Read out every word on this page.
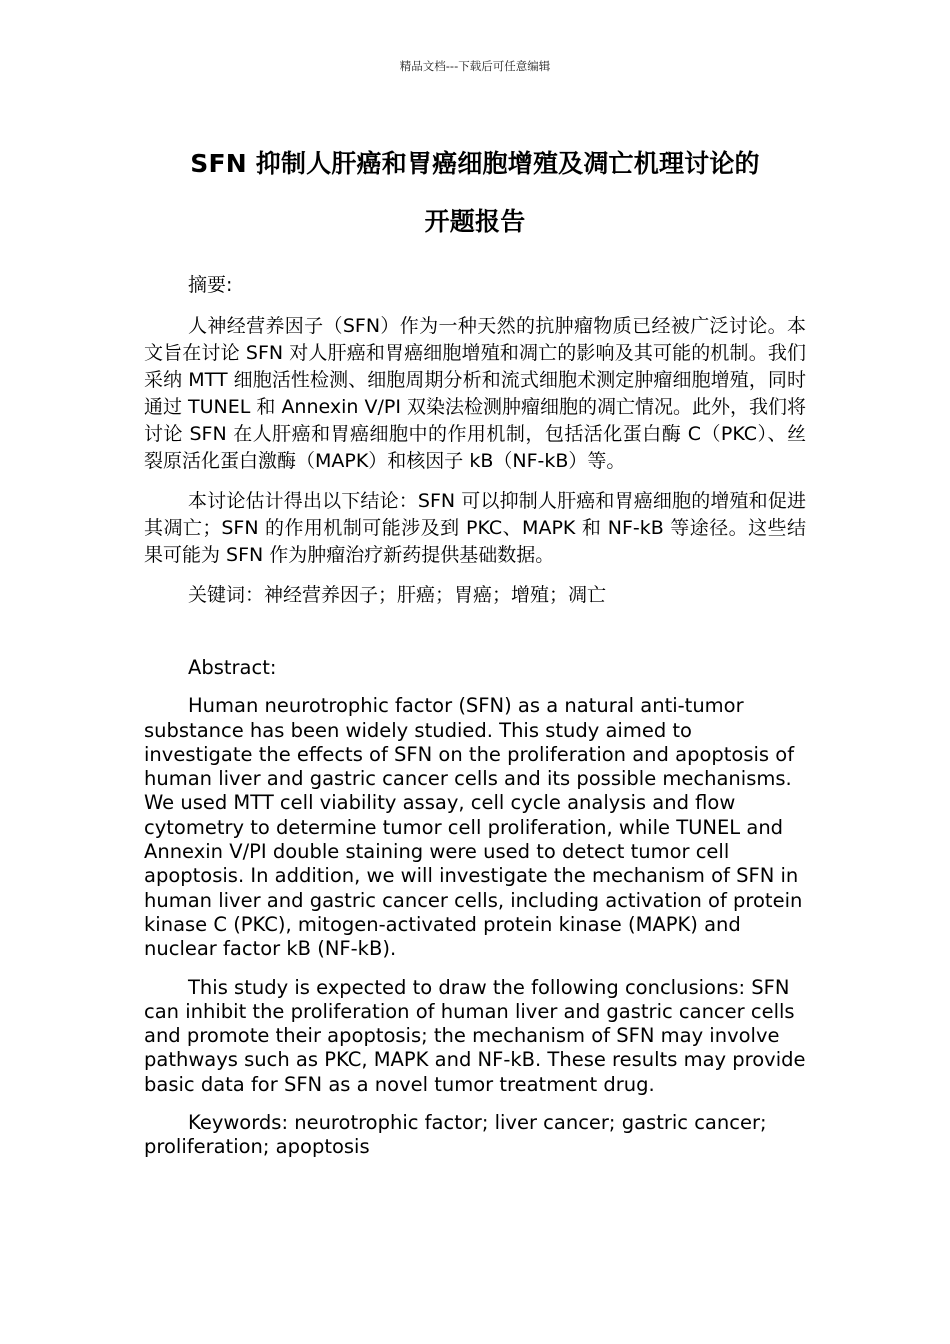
精品文档---下载后可任意编辑
SFN 抑制人肝癌和胃癌细胞增殖及凋亡机理讨论的
开题报告

摘要:

人神经营养因子（SFN）作为一种天然的抗肿瘤物质已经被广泛讨论。本文旨在讨论 SFN 对人肝癌和胃癌细胞增殖和凋亡的影响及其可能的机制。我们采纳 MTT 细胞活性检测、细胞周期分析和流式细胞术测定肿瘤细胞增殖，同时通过 TUNEL 和 Annexin V/PI 双染法检测肿瘤细胞的凋亡情况。此外，我们将讨论 SFN 在人肝癌和胃癌细胞中的作用机制，包括活化蛋白酶 C（PKC）、丝裂原活化蛋白激酶（MAPK）和核因子 kB（NF-kB）等。

本讨论估计得出以下结论：SFN 可以抑制人肝癌和胃癌细胞的增殖和促进其凋亡；SFN 的作用机制可能涉及到 PKC、MAPK 和 NF-kB 等途径。这些结果可能为 SFN 作为肿瘤治疗新药提供基础数据。

关键词：神经营养因子；肝癌；胃癌；增殖；凋亡

Abstract:

Human neurotrophic factor (SFN) as a natural anti-tumor substance has been widely studied. This study aimed to investigate the effects of SFN on the proliferation and apoptosis of human liver and gastric cancer cells and its possible mechanisms. We used MTT cell viability assay, cell cycle analysis and flow cytometry to determine tumor cell proliferation, while TUNEL and Annexin V/PI double staining were used to detect tumor cell apoptosis. In addition, we will investigate the mechanism of SFN in human liver and gastric cancer cells, including activation of protein kinase C (PKC), mitogen-activated protein kinase (MAPK) and nuclear factor kB (NF-kB).

This study is expected to draw the following conclusions: SFN can inhibit the proliferation of human liver and gastric cancer cells and promote their apoptosis; the mechanism of SFN may involve pathways such as PKC, MAPK and NF-kB. These results may provide basic data for SFN as a novel tumor treatment drug.

Keywords: neurotrophic factor; liver cancer; gastric cancer; proliferation; apoptosis
